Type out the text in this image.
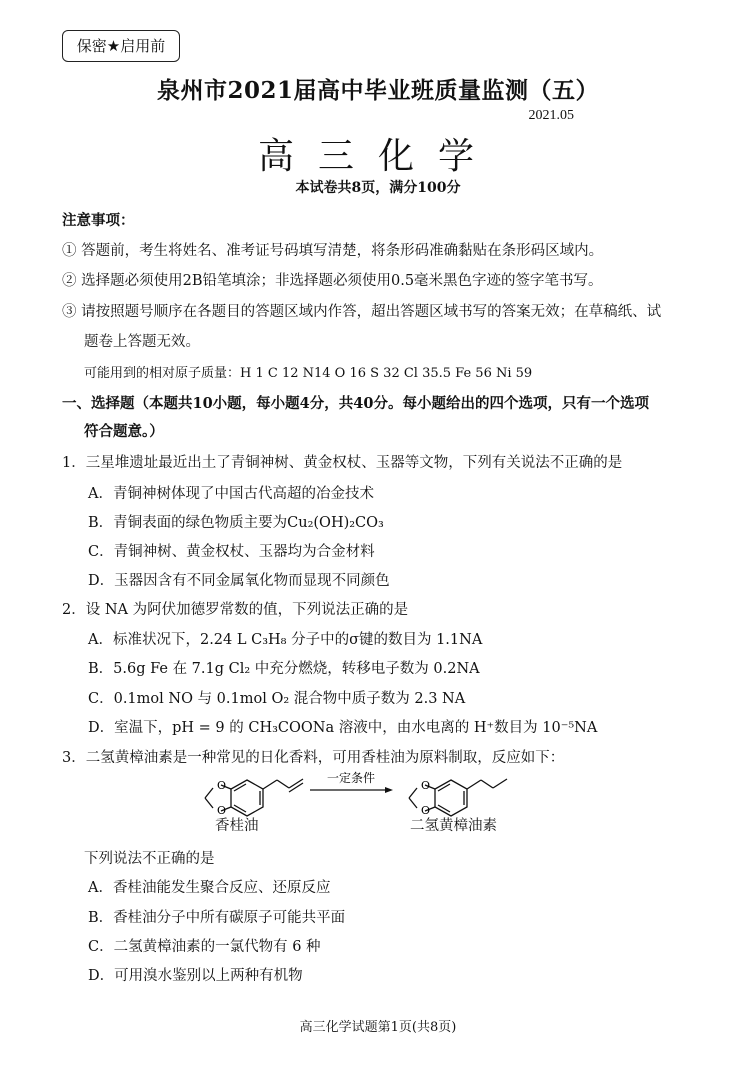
保密★启用前
泉州市2021届高中毕业班质量监测（五）
2021.05
高三化学
本试卷共8页，满分100分
注意事项：
① 答题前，考生将姓名、准考证号码填写清楚，将条形码准确黏贴在条形码区域内。
② 选择题必须使用2B铅笔填涂；非选择题必须使用0.5毫米黑色字迹的签字笔书写。
③ 请按照题号顺序在各题目的答题区域内作答，超出答题区域书写的答案无效；在草稿纸、试
题卷上答题无效。
可能用到的相对原子质量：H 1 C 12 N14 O 16 S 32 Cl 35.5 Fe 56 Ni 59
一、选择题（本题共10小题，每小题4分，共40分。每小题给出的四个选项，只有一个选项
符合题意。）
1．三星堆遗址最近出土了青铜神树、黄金权杖、玉器等文物，下列有关说法不正确的是
A．青铜神树体现了中国古代高超的冶金技术
B．青铜表面的绿色物质主要为Cu₂(OH)₂CO₃
C．青铜神树、黄金权杖、玉器均为合金材料
D．玉器因含有不同金属氧化物而显现不同颜色
2．设 NA 为阿伏加德罗常数的值，下列说法正确的是
A．标准状况下，2.24 L C₃H₈ 分子中的σ键的数目为 1.1NA
B．5.6g Fe 在 7.1g Cl₂ 中充分燃烧，转移电子数为 0.2NA
C．0.1mol NO 与 0.1mol O₂ 混合物中质子数为 2.3 NA
D．室温下，pH = 9 的 CH₃COONa 溶液中，由水电离的 H⁺数目为 10⁻⁵NA
3．二氢黄樟油素是一种常见的日化香料，可用香桂油为原料制取，反应如下：
O
O
一定条件
O
O
香桂油	二氢黄樟油素
下列说法不正确的是
A．香桂油能发生聚合反应、还原反应
B．香桂油分子中所有碳原子可能共平面
C．二氢黄樟油素的一氯代物有 6 种
D．可用溴水鉴别以上两种有机物
高三化学试题第1页(共8页)
